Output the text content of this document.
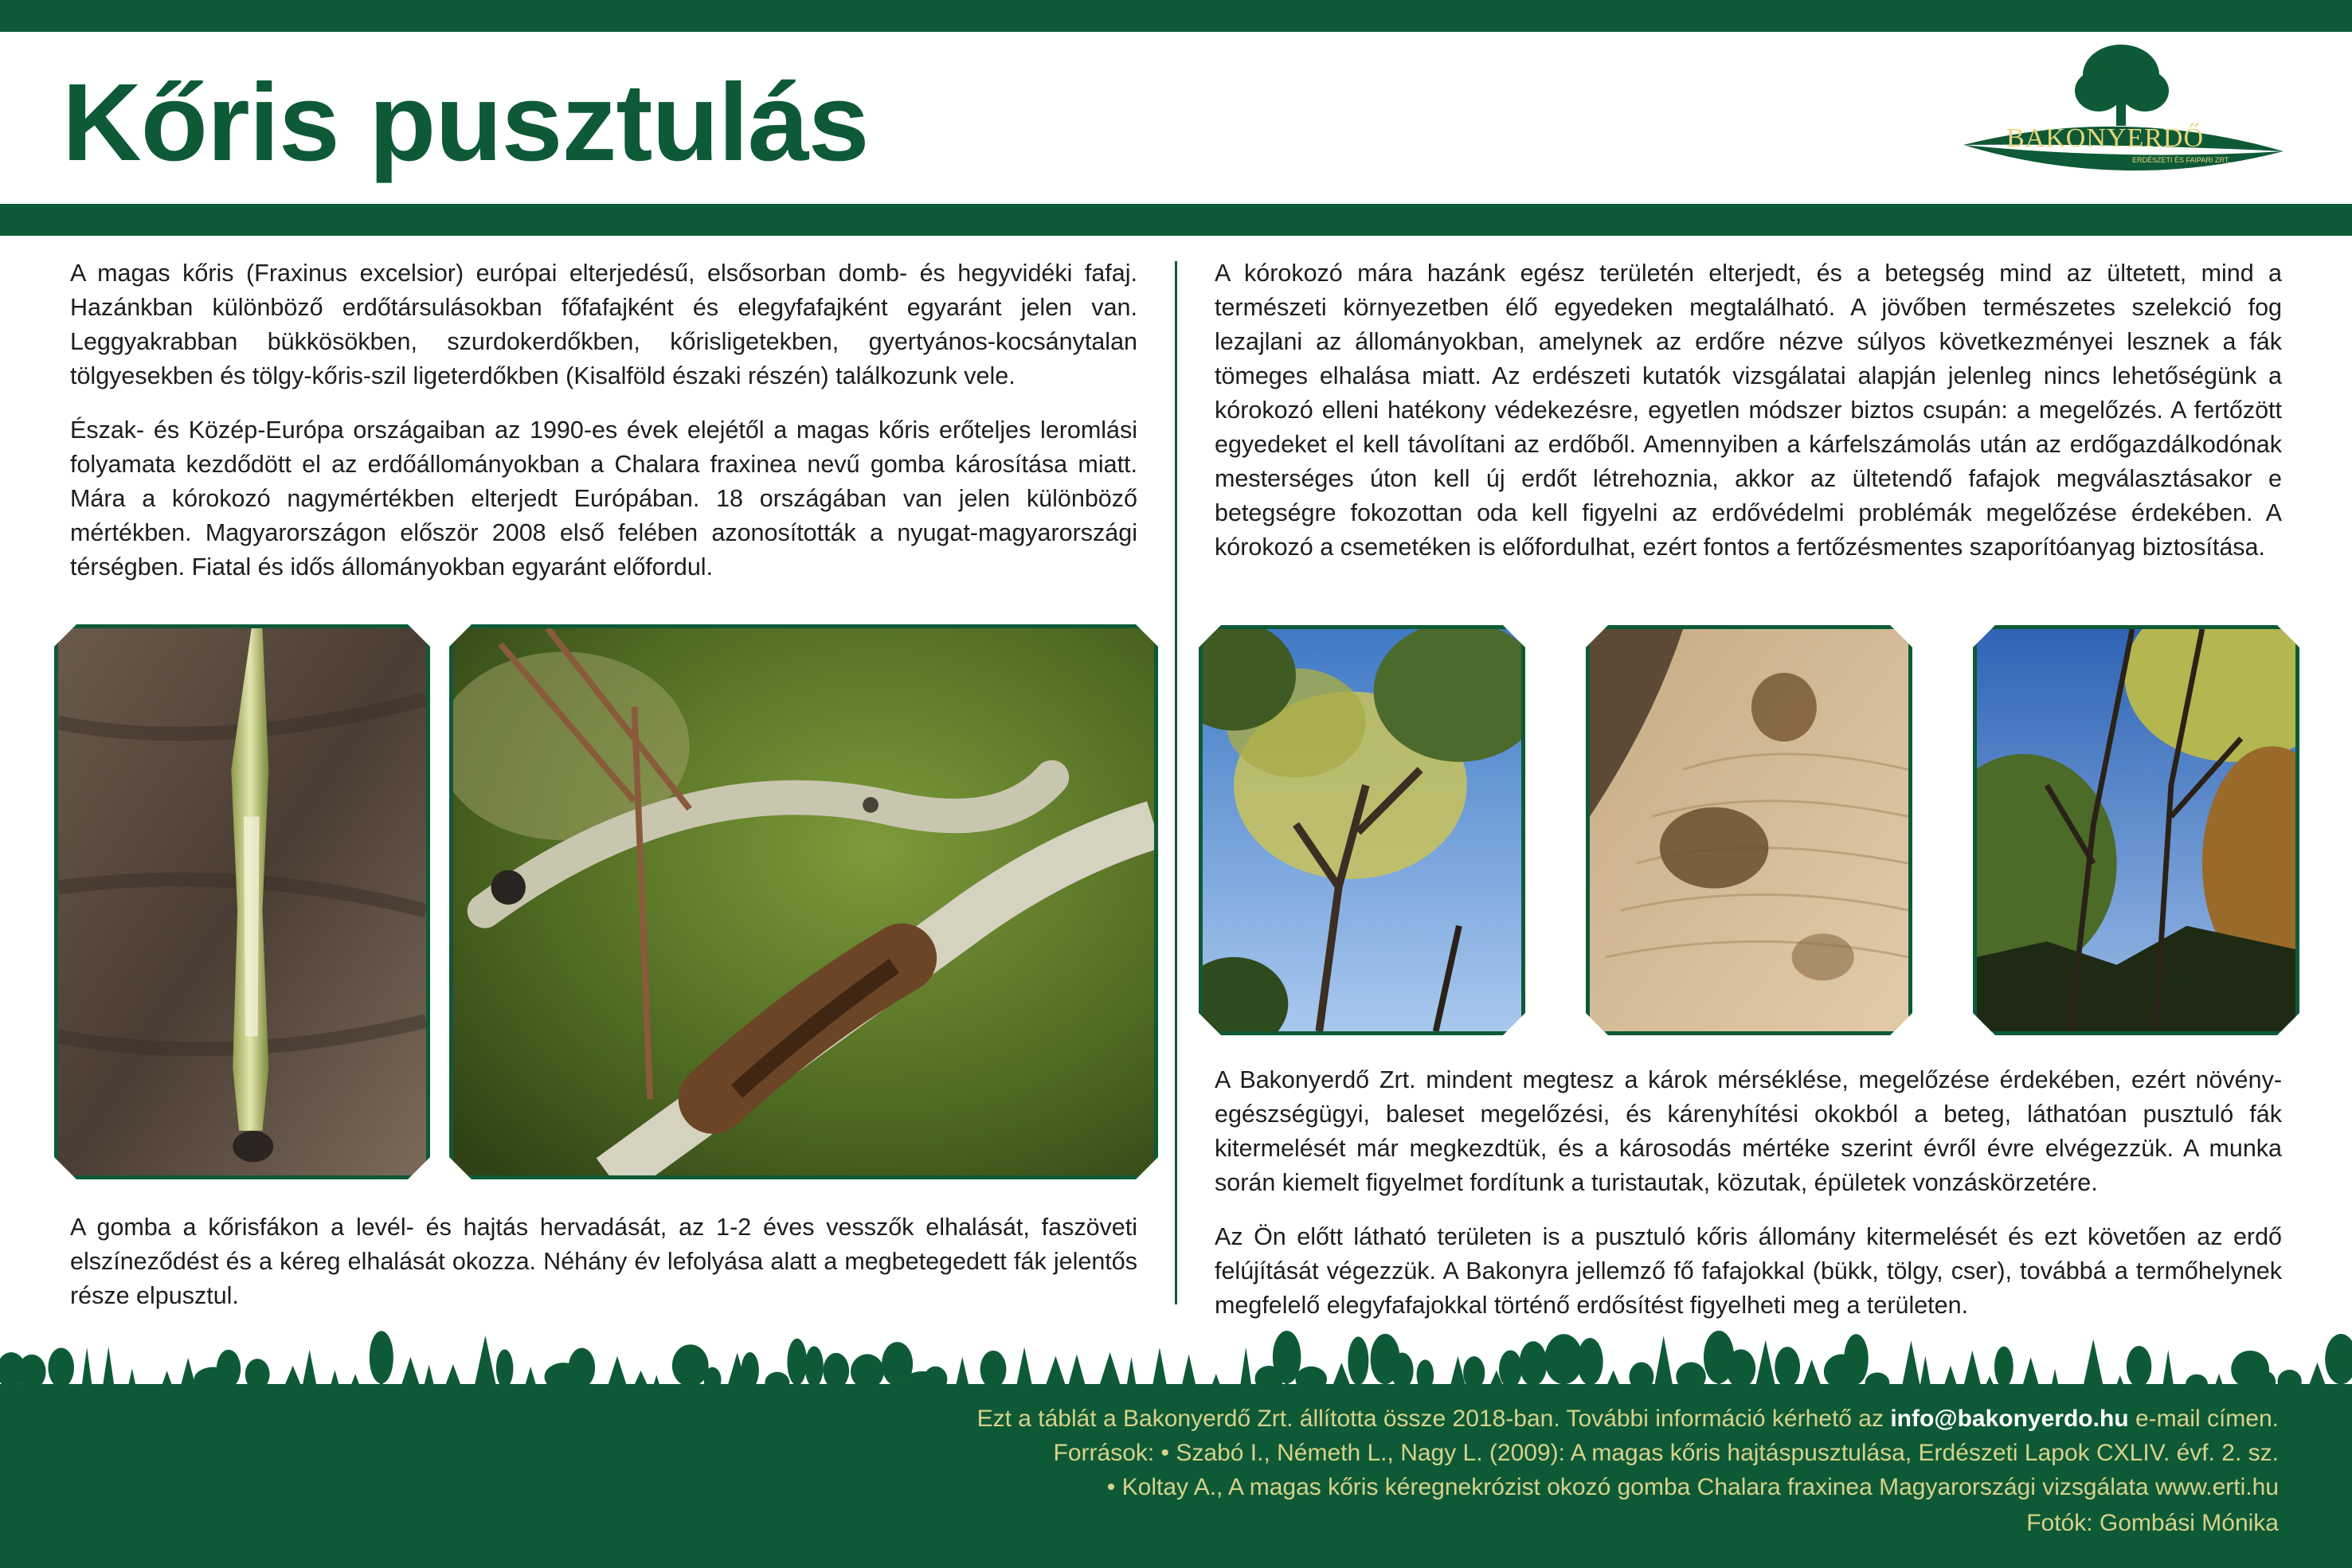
Kőris pusztulás	BAKONYERDŐ
ERDÉSZETI ÉS FAIPARI ZRT.

A magas kőris (Fraxinus excelsior) európai elterjedésű, elsősorban domb- és hegyvidéki fafaj. Hazánkban különböző erdőtársulásokban főfafajként és elegyfafajként egyaránt jelen van. Leggyakrabban bükkösökben, szurdokerdőkben, kőrisligetekben, gyertyános-kocsánytalan tölgyesekben és tölgy-kőris-szil ligeterdőkben (Kisalföld északi részén) találkozunk vele.

Észak- és Közép-Európa országaiban az 1990-es évek elejétől a magas kőris erőteljes leromlási folyamata kezdődött el az erdőállományokban a Chalara fraxinea nevű gomba károsítása miatt. Mára a kórokozó nagymértékben elterjedt Európában. 18 országában van jelen különböző mértékben. Magyarországon először 2008 első felében azonosították a nyugat-magyarországi térségben. Fiatal és idős állományokban egyaránt előfordul.

A gomba a kőrisfákon a levél- és hajtás hervadását, az 1-2 éves vesszők elhalását, faszöveti elszíneződést és a kéreg elhalását okozza. Néhány év lefolyása alatt a megbetegedett fák jelentős része elpusztul.

A kórokozó mára hazánk egész területén elterjedt, és a betegség mind az ültetett, mind a természeti környezetben élő egyedeken megtalálható. A jövőben természetes szelekció fog lezajlani az állományokban, amelynek az erdőre nézve súlyos következményei lesznek a fák tömeges elhalása miatt. Az erdészeti kutatók vizsgálatai alapján jelenleg nincs lehetőségünk a kórokozó elleni hatékony védekezésre, egyetlen módszer biztos csupán: a megelőzés. A fertőzött egyedeket el kell távolítani az erdőből. Amennyiben a kárfelszámolás után az erdőgazdálkodónak mesterséges úton kell új erdőt létrehoznia, akkor az ültetendő fafajok megválasztásakor e betegségre fokozottan oda kell figyelni az erdővédelmi problémák megelőzése érdekében. A kórokozó a csemetéken is előfordulhat, ezért fontos a fertőzésmentes szaporítóanyag biztosítása.

A Bakonyerdő Zrt. mindent megtesz a károk mérséklése, megelőzése érdekében, ezért növény-egészségügyi, baleset megelőzési, és kárenyhítési okokból a beteg, láthatóan pusztuló fák kitermelését már megkezdtük, és a károsodás mértéke szerint évről évre elvégezzük. A munka során kiemelt figyelmet fordítunk a turistautak, közutak, épületek vonzáskörzetére.

Az Ön előtt látható területen is a pusztuló kőris állomány kitermelését és ezt követően az erdő felújítását végezzük. A Bakonyra jellemző fő fafajokkal (bükk, tölgy, cser), továbbá a termőhelynek megfelelő elegyfafajokkal történő erdősítést figyelheti meg a területen.

Ezt a táblát a Bakonyerdő Zrt. állította össze 2018-ban. További információ kérhető az info@bakonyerdo.hu e-mail címen.
Források: • Szabó I., Németh L., Nagy L. (2009): A magas kőris hajtáspusztulása, Erdészeti Lapok CXLIV. évf. 2. sz.
• Koltay A., A magas kőris kéregnekrózist okozó gomba Chalara fraxinea Magyarországi vizsgálata www.erti.hu
Fotók: Gombási Mónika
